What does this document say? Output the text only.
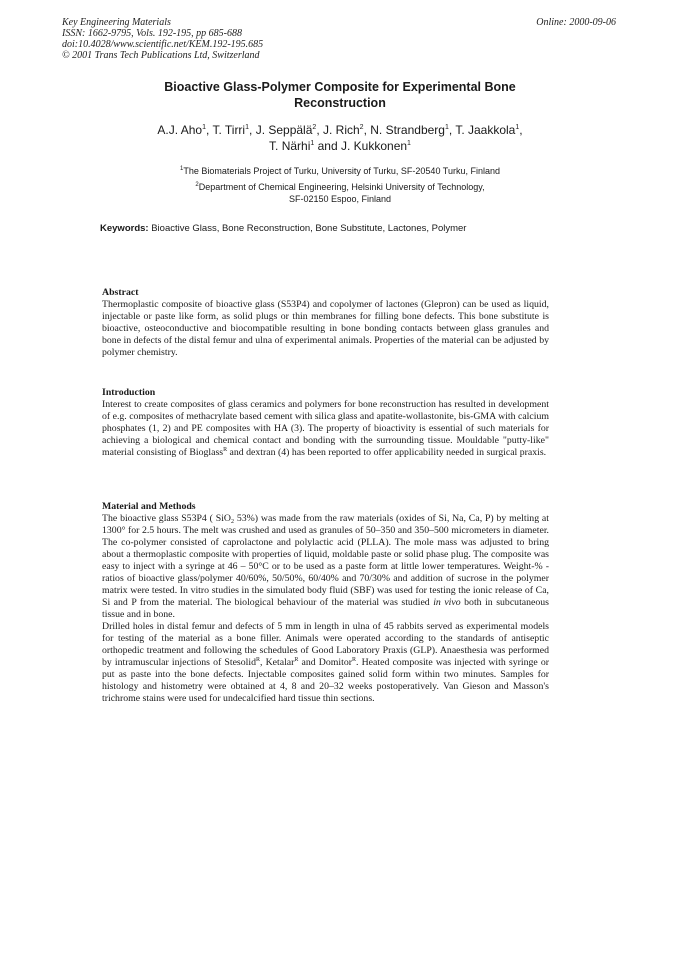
Key Engineering Materials
ISSN: 1662-9795, Vols. 192-195, pp 685-688
doi:10.4028/www.scientific.net/KEM.192-195.685
© 2001 Trans Tech Publications Ltd, Switzerland
Online: 2000-09-06
Bioactive Glass-Polymer Composite for Experimental Bone
Reconstruction
A.J. Aho$^1$, T. Tirri$^1$, J. Seppälä$^2$, J. Rich$^2$, N. Strandberg$^1$, T. Jaakkola$^1$,
T. Närhi$^1$ and J. Kukkonen$^1$
$^1$The Biomaterials Project of Turku, University of Turku, SF-20540 Turku, Finland
$^2$Department of Chemical Engineering, Helsinki University of Technology,
SF-02150 Espoo, Finland
Keywords: Bioactive Glass, Bone Reconstruction, Bone Substitute, Lactones, Polymer
Abstract

Thermoplastic composite of bioactive glass (S53P4) and copolymer of lactones (Glepron) can be used as liquid, injectable or paste like form, as solid plugs or thin membranes for filling bone defects. This bone substitute is bioactive, osteoconductive and biocompatible resulting in bone bonding contacts between glass granules and bone in defects of the distal femur and ulna of experimental animals. Properties of the material can be adjusted by polymer chemistry.

Introduction

Interest to create composites of glass ceramics and polymers for bone reconstruction has resulted in development of e.g. composites of methacrylate based cement with silica glass and apatite-wollastonite, bis-GMA with calcium phosphates (1, 2) and PE composites with HA (3). The property of bioactivity is essential of such materials for achieving a biological and chemical contact and bonding with the surrounding tissue. Mouldable "putty-like" material consisting of Bioglass$^R$ and dextran (4) has been reported to offer applicability needed in surgical praxis.

Material and Methods

The bioactive glass S53P4 ( SiO$_2$ 53%) was made from the raw materials (oxides of Si, Na, Ca, P) by melting at 1300° for 2.5 hours. The melt was crushed and used as granules of 50–350 and 350–500 micrometers in diameter. The co-polymer consisted of caprolactone and polylactic acid (PLLA). The mole mass was adjusted to bring about a thermoplastic composite with properties of liquid, moldable paste or solid phase plug. The composite was easy to inject with a syringe at 46 – 50°C or to be used as a paste form at little lower temperatures. Weight-% -ratios of bioactive glass/polymer 40/60%, 50/50%, 60/40% and 70/30% and addition of sucrose in the polymer matrix were tested. In vitro studies in the simulated body fluid (SBF) was used for testing the ionic release of Ca, Si and P from the material. The biological behaviour of the material was studied in vivo both in subcutaneous tissue and in bone.

Drilled holes in distal femur and defects of 5 mm in length in ulna of 45 rabbits served as experimental models for testing of the material as a bone filler. Animals were operated according to the standards of antiseptic orthopedic treatment and following the schedules of Good Laboratory Praxis (GLP). Anaesthesia was performed by intramuscular injections of Stesolid$^R$, Ketalar$^R$ and Domitor$^R$. Heated composite was injected with syringe or put as paste into the bone defects. Injectable composites gained solid form within two minutes. Samples for histology and histometry were obtained at 4, 8 and 20–32 weeks postoperatively. Van Gieson and Masson's trichrome stains were used for undecalcified hard tissue thin sections.
